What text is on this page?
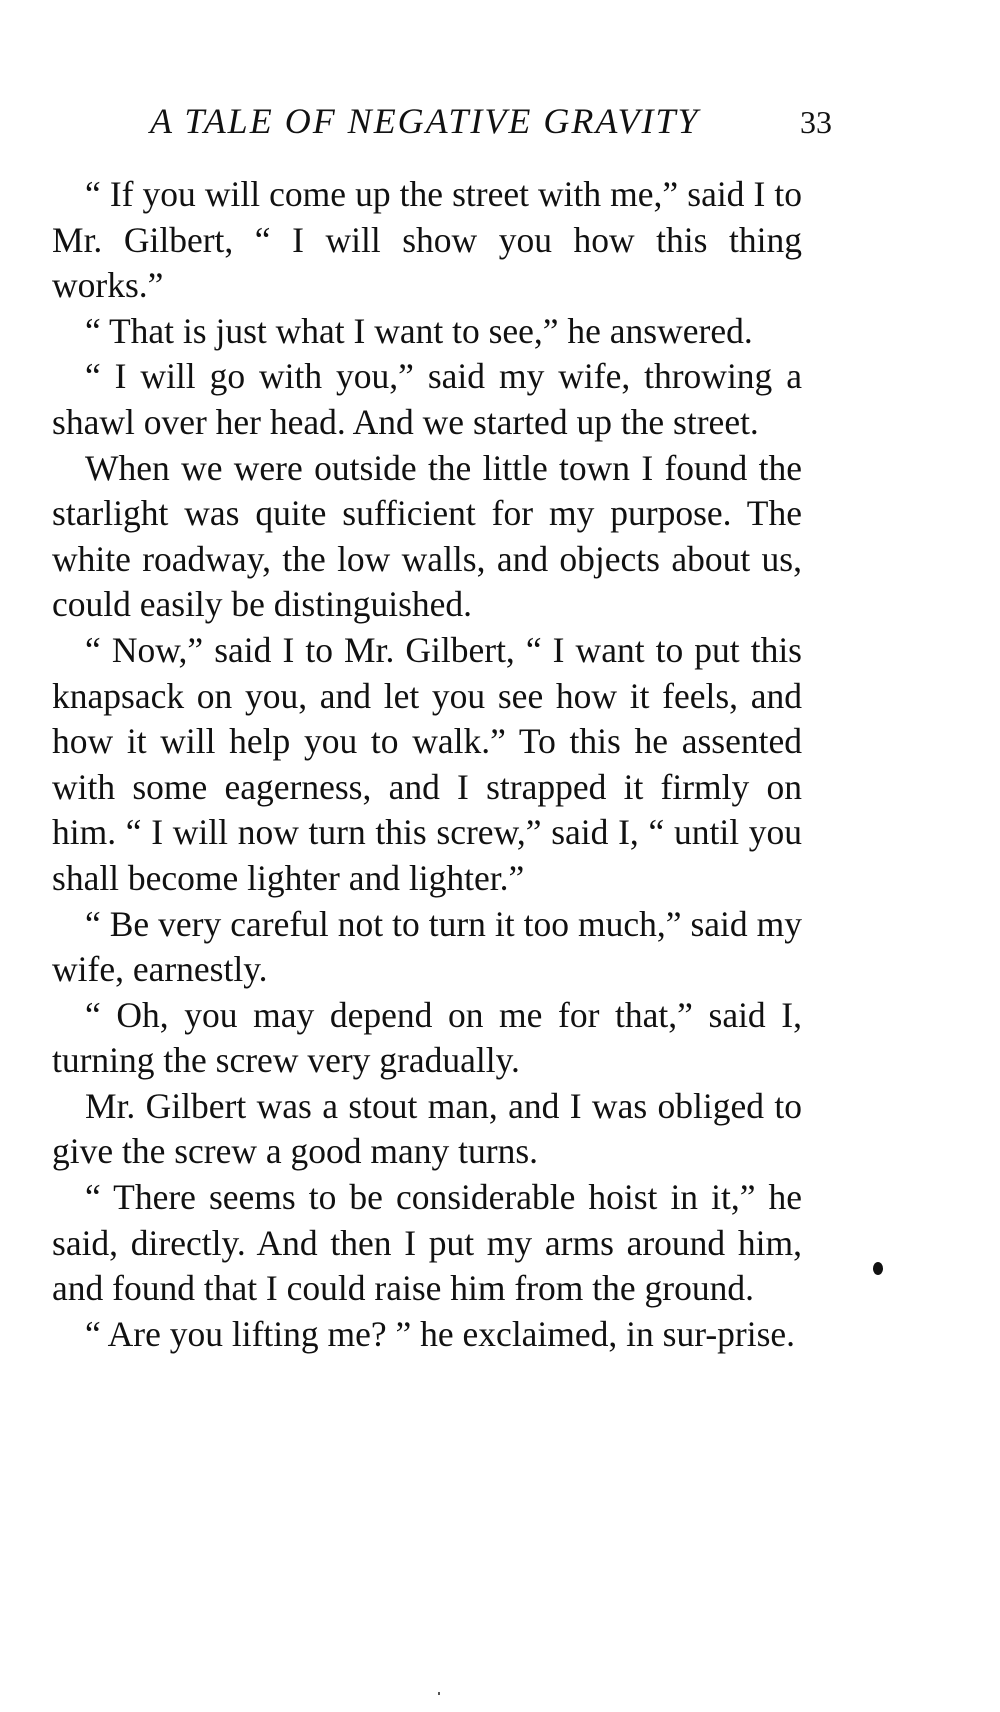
A TALE OF NEGATIVE GRAVITY	33

“ If you will come up the street with me,” said I to Mr. Gilbert, “ I will show you how this thing works.”

“ That is just what I want to see,” he answered.

“ I will go with you,” said my wife, throwing a shawl over her head. And we started up the street.

When we were outside the little town I found the starlight was quite sufficient for my purpose. The white roadway, the low walls, and objects about us, could easily be distinguished.

“ Now,” said I to Mr. Gilbert, “ I want to put this knapsack on you, and let you see how it feels, and how it will help you to walk.” To this he assented with some eagerness, and I strapped it firmly on him. “ I will now turn this screw,” said I, “ until you shall become lighter and lighter.”

“ Be very careful not to turn it too much,” said my wife, earnestly.

“ Oh, you may depend on me for that,” said I, turning the screw very gradually.

Mr. Gilbert was a stout man, and I was obliged to give the screw a good many turns.

“ There seems to be considerable hoist in it,” he said, directly. And then I put my arms around him, and found that I could raise him from the ground.

“ Are you lifting me? ” he exclaimed, in sur-prise.
